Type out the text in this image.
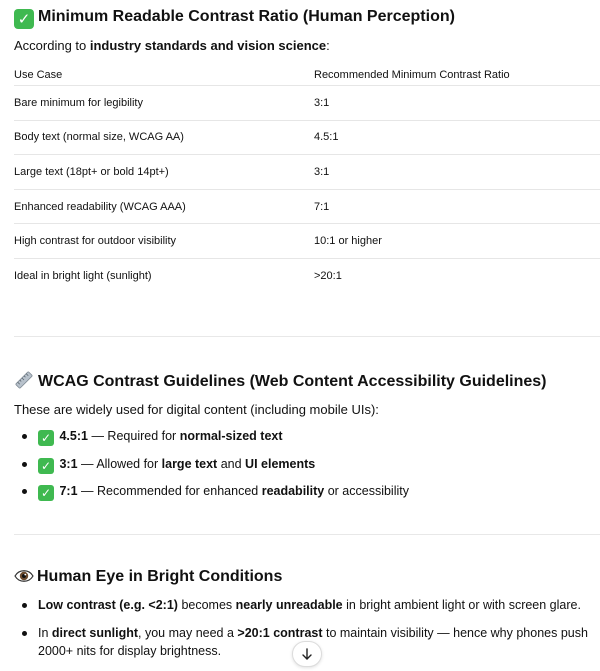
✓ Minimum Readable Contrast Ratio (Human Perception)

According to industry standards and vision science:

Use Case	Recommended Minimum Contrast Ratio
Bare minimum for legibility	3:1
Body text (normal size, WCAG AA)	4.5:1
Large text (18pt+ or bold 14pt+)	3:1
Enhanced readability (WCAG AAA)	7:1
High contrast for outdoor visibility	10:1 or higher
Ideal in bright light (sunlight)	>20:1
WCAG Contrast Guidelines (Web Content Accessibility Guidelines)

These are widely used for digital content (including mobile UIs):

✓ 4.5:1 — Required for normal-sized text
✓ 3:1 — Allowed for large text and UI elements
✓ 7:1 — Recommended for enhanced readability or accessibility
Human Eye in Bright Conditions
Low contrast (e.g. <2:1) becomes nearly unreadable in bright ambient light or with screen glare.
In direct sunlight, you may need a >20:1 contrast to maintain visibility — hence why phones push
2000+ nits for display brightness.
